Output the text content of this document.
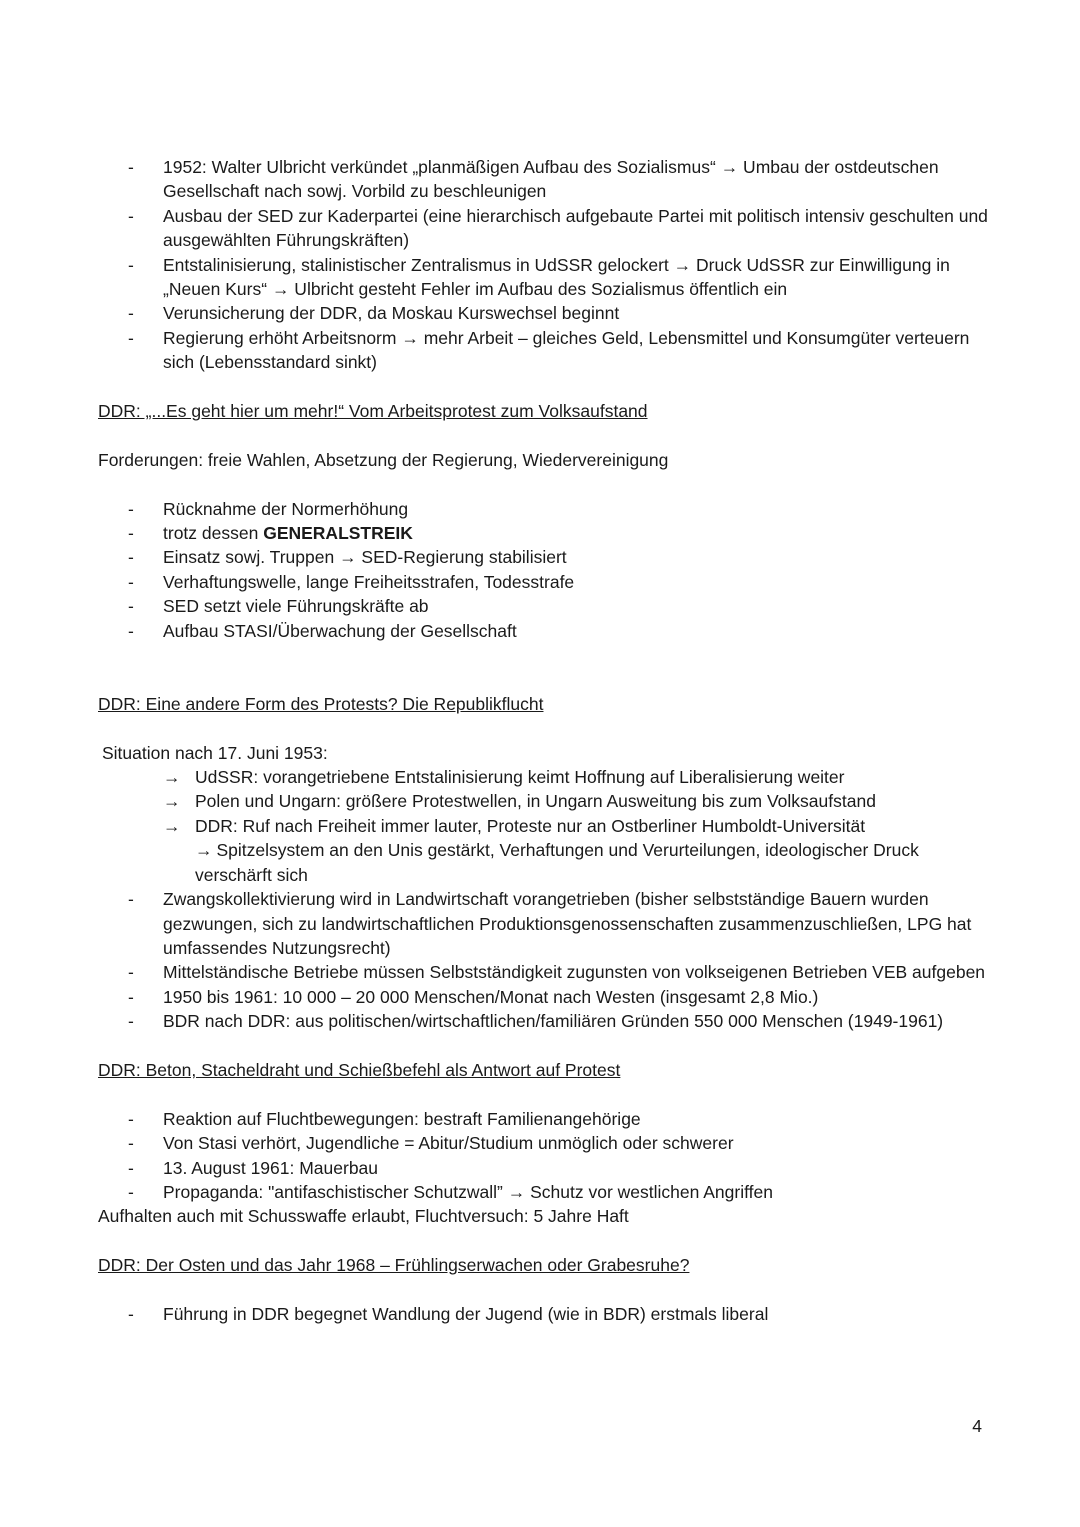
- 1952: Walter Ulbricht verkündet „planmäßigen Aufbau des Sozialismus“ → Umbau der ostdeutschen Gesellschaft nach sowj. Vorbild zu beschleunigen
- Ausbau der SED zur Kaderpartei (eine hierarchisch aufgebaute Partei mit politisch intensiv geschulten und ausgewählten Führungskräften)
- Entstalinisierung, stalinistischer Zentralismus in UdSSR gelockert → Druck UdSSR zur Einwilligung in „Neuen Kurs“ → Ulbricht gesteht Fehler im Aufbau des Sozialismus öffentlich ein
- Verunsicherung der DDR, da Moskau Kurswechsel beginnt
- Regierung erhöht Arbeitsnorm → mehr Arbeit – gleiches Geld, Lebensmittel und Konsumgüter verteuern sich (Lebensstandard sinkt)

DDR: „...Es geht hier um mehr!“ Vom Arbeitsprotest zum Volksaufstand

Forderungen: freie Wahlen, Absetzung der Regierung, Wiedervereinigung

- Rücknahme der Normerhöhung
- trotz dessen GENERALSTREIK
- Einsatz sowj. Truppen → SED-Regierung stabilisiert
- Verhaftungswelle, lange Freiheitsstrafen, Todesstrafe
- SED setzt viele Führungskräfte ab
- Aufbau STASI/Überwachung der Gesellschaft

DDR: Eine andere Form des Protests? Die Republikflucht

Situation nach 17. Juni 1953:

→ UdSSR: vorangetriebene Entstalinisierung keimt Hoffnung auf Liberalisierung weiter
→ Polen und Ungarn: größere Protestwellen, in Ungarn Ausweitung bis zum Volksaufstand
→ DDR: Ruf nach Freiheit immer lauter, Proteste nur an Ostberliner Humboldt-Universität
→ Spitzelsystem an den Unis gestärkt, Verhaftungen und Verurteilungen, ideologischer Druck verschärft sich
- Zwangskollektivierung wird in Landwirtschaft vorangetrieben (bisher selbstständige Bauern wurden gezwungen, sich zu landwirtschaftlichen Produktionsgenossenschaften zusammenzuschließen, LPG hat umfassendes Nutzungsrecht)
- Mittelständische Betriebe müssen Selbstständigkeit zugunsten von volkseigenen Betrieben VEB aufgeben
- 1950 bis 1961: 10 000 – 20 000 Menschen/Monat nach Westen (insgesamt 2,8 Mio.)
- BDR nach DDR: aus politischen/wirtschaftlichen/familiären Gründen 550 000 Menschen (1949-1961)

DDR: Beton, Stacheldraht und Schießbefehl als Antwort auf Protest

- Reaktion auf Fluchtbewegungen: bestraft Familienangehörige
- Von Stasi verhört, Jugendliche = Abitur/Studium unmöglich oder schwerer
- 13. August 1961: Mauerbau
- Propaganda: "antifaschistischer Schutzwall” → Schutz vor westlichen Angriffen

Aufhalten auch mit Schusswaffe erlaubt, Fluchtversuch: 5 Jahre Haft

DDR: Der Osten und das Jahr 1968 – Frühlingserwachen oder Grabesruhe?

- Führung in DDR begegnet Wandlung der Jugend (wie in BDR) erstmals liberal
4
